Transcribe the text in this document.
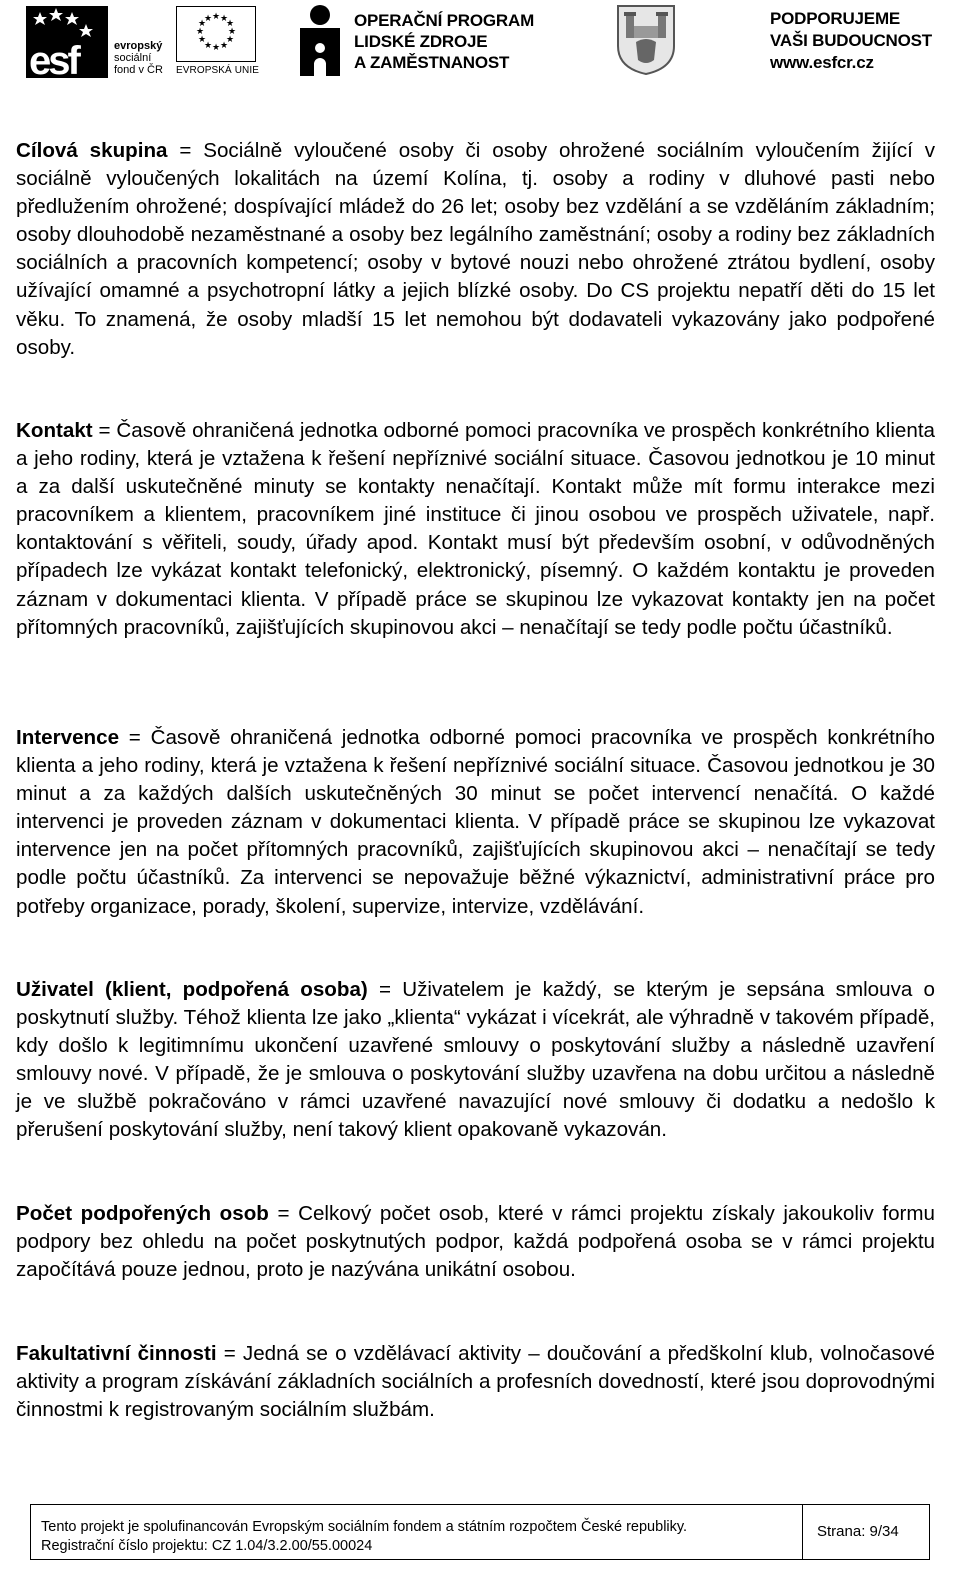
esf	evropský
sociální
fond v ČR
★ ★
★
★
★
★
★
★
★
★
★
★
EVROPSKÁ UNIE
OPERAČNÍ PROGRAM
LIDSKÉ ZDROJE
A ZAMĚSTNANOST
PODPORUJEME
VAŠI BUDOUCNOST
www.esfcr.cz

Cílová skupina = Sociálně vyloučené osoby či osoby ohrožené sociálním vyloučením žijící v sociálně vyloučených lokalitách na území Kolína, tj. osoby a rodiny v dluhové pasti nebo předlužením ohrožené; dospívající mládež do 26 let; osoby bez vzdělání a se vzděláním základním; osoby dlouhodobě nezaměstnané a osoby bez legálního zaměstnání; osoby a rodiny bez základních sociálních a pracovních kompetencí; osoby v bytové nouzi nebo ohrožené ztrátou bydlení, osoby užívající omamné a psychotropní látky a jejich blízké osoby. Do CS projektu nepatří děti do 15 let věku. To znamená, že osoby mladší 15 let nemohou být dodavateli vykazovány jako podpořené osoby.

Kontakt = Časově ohraničená jednotka odborné pomoci pracovníka ve prospěch konkrétního klienta a jeho rodiny, která je vztažena k řešení nepříznivé sociální situace. Časovou jednotkou je 10 minut a za další uskutečněné minuty se kontakty nenačítají. Kontakt může mít formu interakce mezi pracovníkem a klientem, pracovníkem jiné instituce či jinou osobou ve prospěch uživatele, např. kontaktování s věřiteli, soudy, úřady apod. Kontakt musí být především osobní, v odůvodněných případech lze vykázat kontakt telefonický, elektronický, písemný. O každém kontaktu je proveden záznam v dokumentaci klienta. V případě práce se skupinou lze vykazovat kontakty jen na počet přítomných pracovníků, zajišťujících skupinovou akci – nenačítají se tedy podle počtu účastníků.

Intervence = Časově ohraničená jednotka odborné pomoci pracovníka ve prospěch konkrétního klienta a jeho rodiny, která je vztažena k řešení nepříznivé sociální situace. Časovou jednotkou je 30 minut a za každých dalších uskutečněných 30 minut se počet intervencí nenačítá. O každé intervenci je proveden záznam v dokumentaci klienta. V případě práce se skupinou lze vykazovat intervence jen na počet přítomných pracovníků, zajišťujících skupinovou akci – nenačítají se tedy podle počtu účastníků. Za intervenci se nepovažuje běžné výkaznictví, administrativní práce pro potřeby organizace, porady, školení, supervize, intervize, vzdělávání.

Uživatel (klient, podpořená osoba) = Uživatelem je každý, se kterým je sepsána smlouva o poskytnutí služby. Téhož klienta lze jako „klienta“ vykázat i vícekrát, ale výhradně v takovém případě, kdy došlo k legitimnímu ukončení uzavřené smlouvy o poskytování služby a následně uzavření smlouvy nové. V případě, že je smlouva o poskytování služby uzavřena na dobu určitou a následně je ve službě pokračováno v rámci uzavřené navazující nové smlouvy či dodatku a nedošlo k přerušení poskytování služby, není takový klient opakovaně vykazován.

Počet podpořených osob = Celkový počet osob, které v rámci projektu získaly jakoukoliv formu podpory bez ohledu na počet poskytnutých podpor, každá podpořená osoba se v rámci projektu započítává pouze jednou, proto je nazývána unikátní osobou.

Fakultativní činnosti = Jedná se o vzdělávací aktivity – doučování a předškolní klub, volnočasové aktivity a program získávání základních sociálních a profesních dovedností, které jsou doprovodnými činnostmi k registrovaným sociálním službám.

Tento projekt je spolufinancován Evropským sociálním fondem a státním rozpočtem České republiky.
Registrační číslo projektu: CZ 1.04/3.2.00/55.00024
Strana: 9/34
